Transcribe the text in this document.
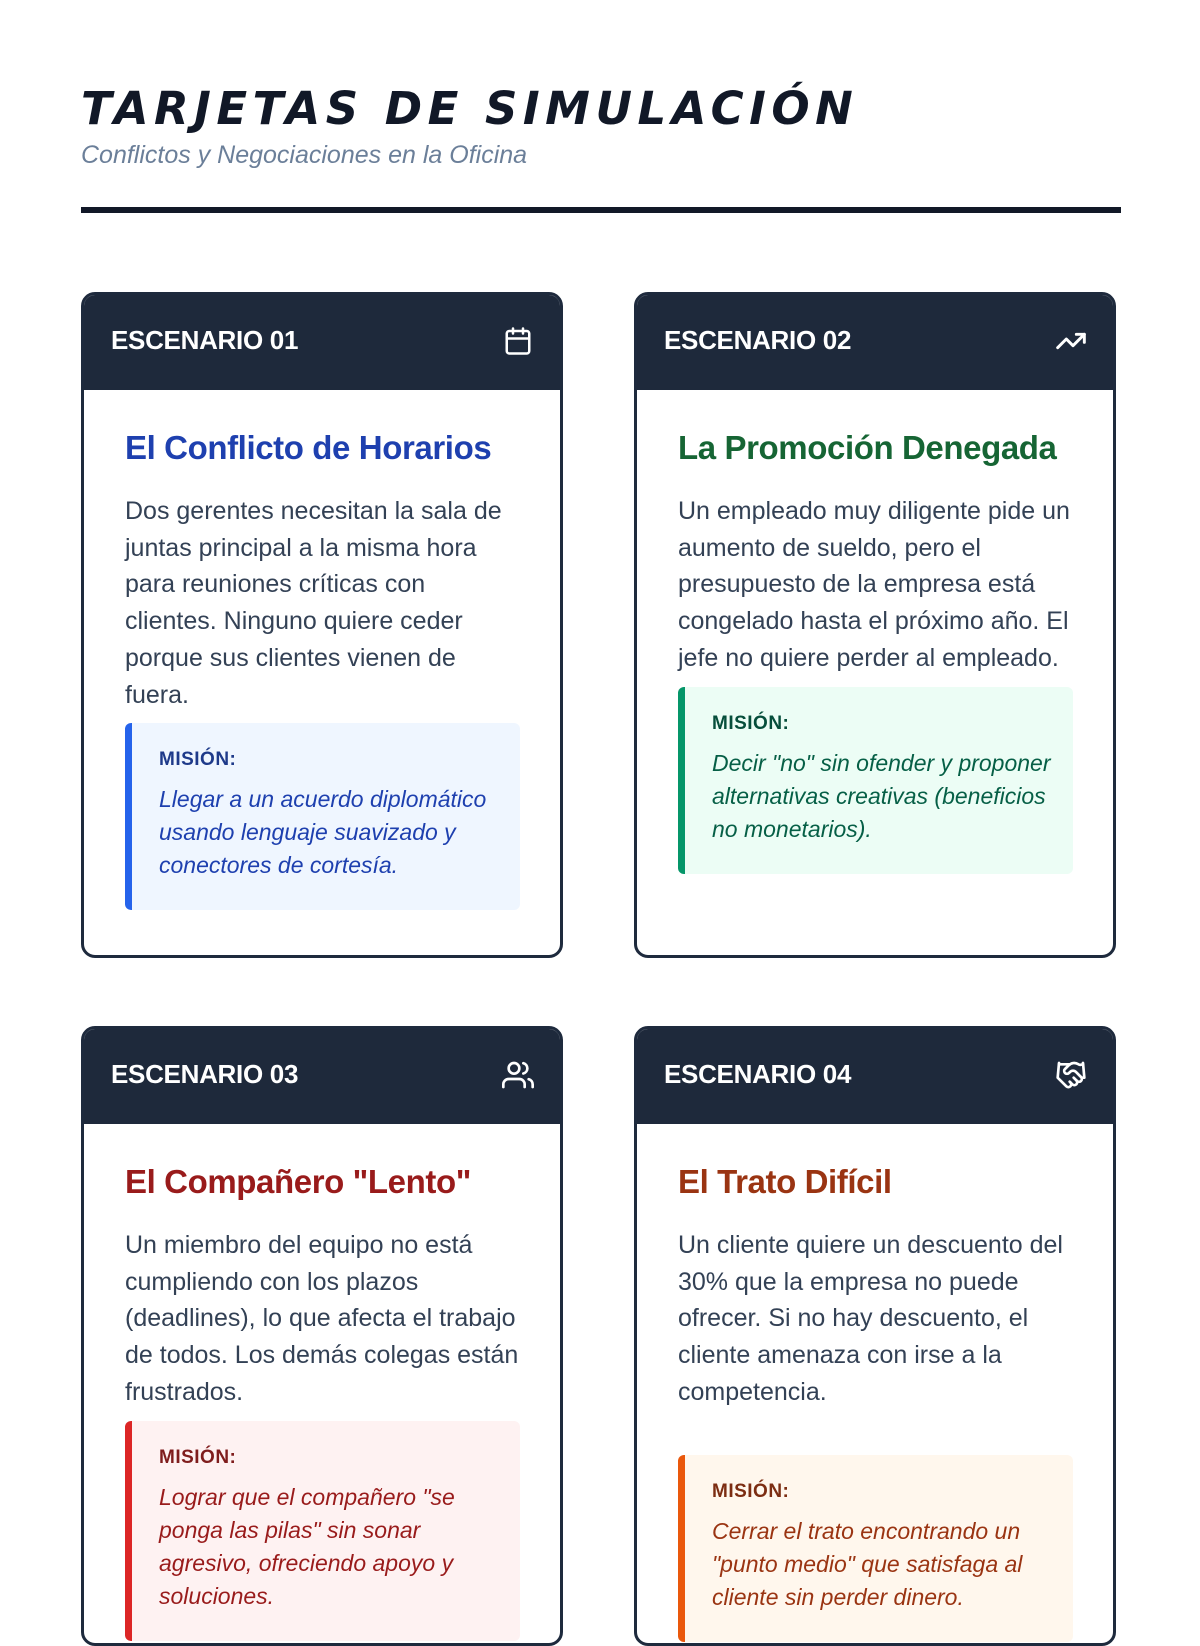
TARJETAS DE SIMULACIÓN
Conflictos y Negociaciones en la Oficina
ESCENARIO 01
El Conflicto de Horarios

Dos gerentes necesitan la sala de juntas principal a la misma hora para reuniones críticas con clientes. Ninguno quiere ceder porque sus clientes vienen de fuera.

MISIÓN:
Llegar a un acuerdo diplomático usando lenguaje suavizado y conectores de cortesía.
ESCENARIO 02
La Promoción Denegada

Un empleado muy diligente pide un aumento de sueldo, pero el presupuesto de la empresa está congelado hasta el próximo año. El jefe no quiere perder al empleado.

MISIÓN:
Decir "no" sin ofender y proponer alternativas creativas (beneficios no monetarios).
ESCENARIO 03
El Compañero "Lento"

Un miembro del equipo no está cumpliendo con los plazos (deadlines), lo que afecta el trabajo de todos. Los demás colegas están frustrados.

MISIÓN:
Lograr que el compañero "se ponga las pilas" sin sonar agresivo, ofreciendo apoyo y soluciones.
ESCENARIO 04
El Trato Difícil

Un cliente quiere un descuento del 30% que la empresa no puede ofrecer. Si no hay descuento, el cliente amenaza con irse a la competencia.

MISIÓN:
Cerrar el trato encontrando un "punto medio" que satisfaga al cliente sin perder dinero.
